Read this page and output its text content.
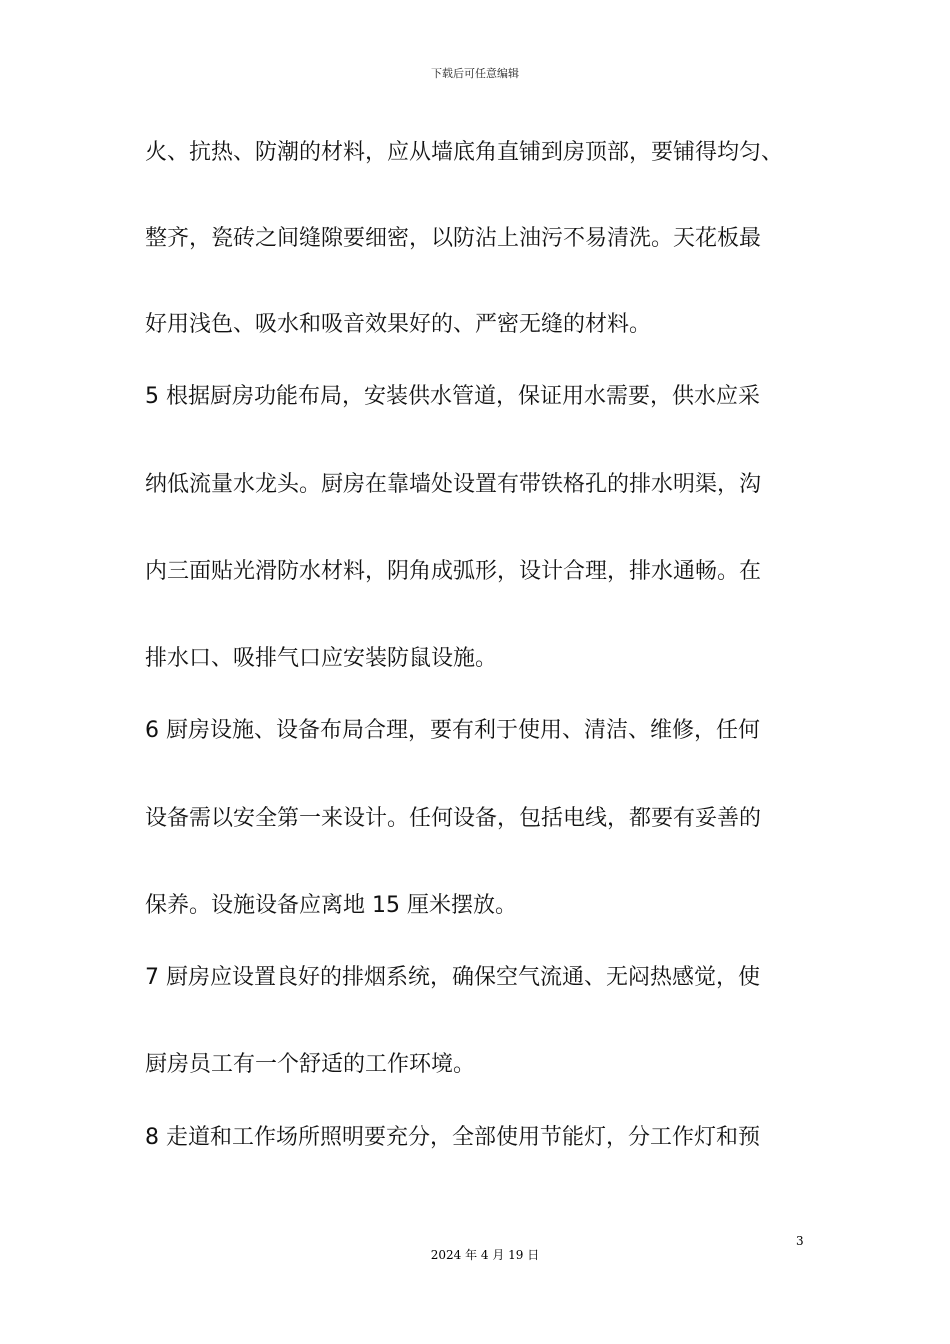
下载后可任意编辑
火、抗热、防潮的材料，应从墙底角直铺到房顶部，要铺得均匀、
整齐，瓷砖之间缝隙要细密，以防沾上油污不易清洗。天花板最
好用浅色、吸水和吸音效果好的、严密无缝的材料。
5 根据厨房功能布局，安装供水管道，保证用水需要，供水应采
纳低流量水龙头。厨房在靠墙处设置有带铁格孔的排水明渠，沟
内三面贴光滑防水材料，阴角成弧形，设计合理，排水通畅。在
排水口、吸排气口应安装防鼠设施。
6 厨房设施、设备布局合理，要有利于使用、清洁、维修，任何
设备需以安全第一来设计。任何设备，包括电线，都要有妥善的
保养。设施设备应离地 15 厘米摆放。
7 厨房应设置良好的排烟系统，确保空气流通、无闷热感觉，使
厨房员工有一个舒适的工作环境。
8 走道和工作场所照明要充分，全部使用节能灯，分工作灯和预
3
2024 年 4 月 19 日
